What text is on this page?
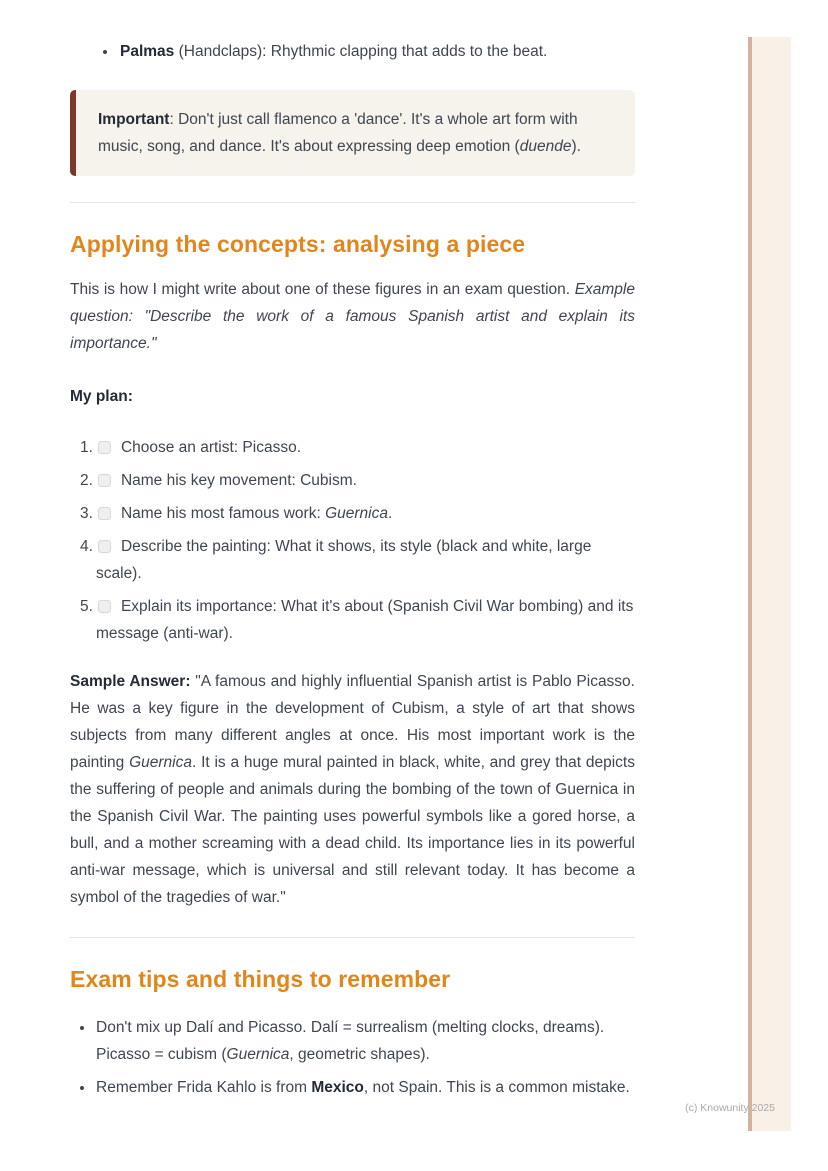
• Palmas (Handclaps): Rhythmic clapping that adds to the beat.
Important: Don't just call flamenco a 'dance'. It's a whole art form with music, song, and dance. It's about expressing deep emotion (duende).
Applying the concepts: analysing a piece

This is how I might write about one of these figures in an exam question. Example question: "Describe the work of a famous Spanish artist and explain its importance."

My plan:

1. Choose an artist: Picasso.
2. Name his key movement: Cubism.
3. Name his most famous work: Guernica.
4. Describe the painting: What it shows, its style (black and white, large scale).
5. Explain its importance: What it's about (Spanish Civil War bombing) and its message (anti-war).

Sample Answer: "A famous and highly influential Spanish artist is Pablo Picasso. He was a key figure in the development of Cubism, a style of art that shows subjects from many different angles at once. His most important work is the painting Guernica. It is a huge mural painted in black, white, and grey that depicts the suffering of people and animals during the bombing of the town of Guernica in the Spanish Civil War. The painting uses powerful symbols like a gored horse, a bull, and a mother screaming with a dead child. Its importance lies in its powerful anti-war message, which is universal and still relevant today. It has become a symbol of the tragedies of war."

Exam tips and things to remember
• Don't mix up Dalí and Picasso. Dalí = surrealism (melting clocks, dreams). Picasso = cubism (Guernica, geometric shapes).
• Remember Frida Kahlo is from Mexico, not Spain. This is a common mistake.
(c) Knowunity 2025
